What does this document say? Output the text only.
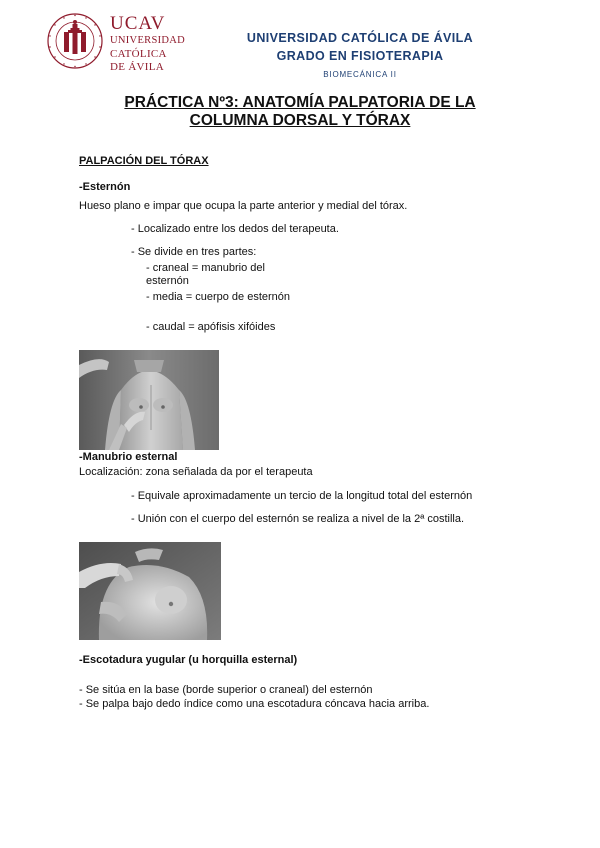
UCAV
UNIVERSIDAD
CATÓLICA
DE ÁVILA
UNIVERSIDAD CATÓLICA DE ÁVILA
GRADO EN FISIOTERAPIA
BIOMECÁNICA II
PRÁCTICA Nº3: ANATOMÍA PALPATORIA DE LA
COLUMNA DORSAL Y TÓRAX
PALPACIÓN DEL TÓRAX
-Esternón
Hueso plano e impar que ocupa la parte anterior y medial del tórax.
- Localizado entre los dedos del terapeuta.
- Se divide en tres partes:
- craneal = manubrio del
esternón
- media = cuerpo de esternón
- caudal = apófisis xifóides
-Manubrio esternal
Localización: zona señalada da por el terapeuta
- Equivale aproximadamente un tercio de la longitud total del esternón
- Unión con el cuerpo del esternón se realiza a nivel de la 2ª costilla.
-Escotadura yugular (u horquilla esternal)
- Se sitúa en la base (borde superior o craneal) del esternón
- Se palpa bajo dedo índice como una escotadura cóncava hacia arriba.
